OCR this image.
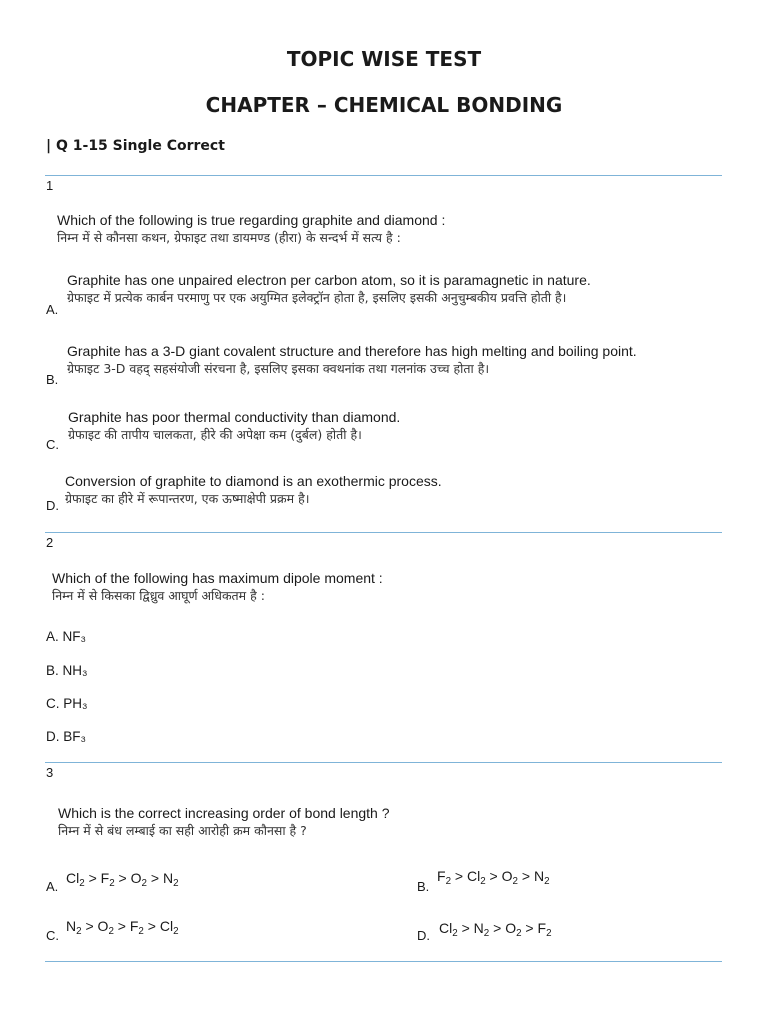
TOPIC WISE TEST
CHAPTER – CHEMICAL BONDING
| Q 1-15 Single Correct
1
Which of the following is true regarding graphite and diamond :
निम्न में से कौनसा कथन, ग्रेफाइट तथा डायमण्ड (हीरा) के सन्दर्भ में सत्य है :
A.
Graphite has one unpaired electron per carbon atom, so it is paramagnetic in nature.
ग्रेफाइट में प्रत्येक कार्बन परमाणु पर एक अयुग्मित इलेक्ट्रॉन होता है, इसलिए इसकी अनुचुम्बकीय प्रवत्ति होती है।
B.
Graphite has a 3-D giant covalent structure and therefore has high melting and boiling point.
ग्रेफाइट 3-D वहद् सहसंयोजी संरचना है, इसलिए इसका क्वथनांक तथा गलनांक उच्च होता है।
C.
Graphite has poor thermal conductivity than diamond.
ग्रेफाइट की तापीय चालकता, हीरे की अपेक्षा कम (दुर्बल) होती है।
D.
Conversion of graphite to diamond is an exothermic process.
ग्रेफाइट का हीरे में रूपान्तरण, एक ऊष्माक्षेपी प्रक्रम है।
2
Which of the following has maximum dipole moment :
निम्न में से किसका द्विध्रुव आघूर्ण अधिकतम है :
A. NF₃
B. NH₃
C. PH₃
D. BF₃
3
Which is the correct increasing order of bond length ?
निम्न में से बंध लम्बाई का सही आरोही क्रम कौनसा है ?
A.
$Cl_2 > F_2 > O_2 > N_2$	B.
$F_2 > Cl_2 > O_2 > N_2$
C.
$N_2 > O_2 > F_2 > Cl_2$	D. $Cl_2 > N_2 > O_2 > F_2$
